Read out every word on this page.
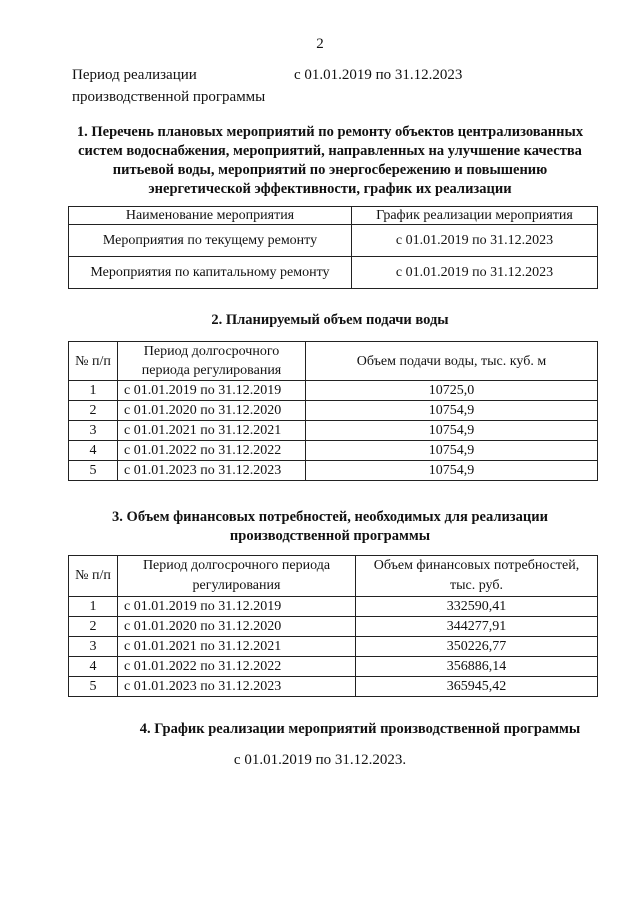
2
Период реализации производственной программы
с 01.01.2019 по 31.12.2023
1. Перечень плановых мероприятий по ремонту объектов централизованных систем водоснабжения, мероприятий, направленных на улучшение качества питьевой воды, мероприятий по энергосбережению и повышению энергетической эффективности, график их реализации
Наименование мероприятия	График реализации мероприятия
Мероприятия по текущему ремонту	с 01.01.2019 по 31.12.2023
Мероприятия по капитальному ремонту	с 01.01.2019 по 31.12.2023
2. Планируемый объем подачи воды
№ п/п	Период долгосрочного периода регулирования	Объем подачи воды, тыс. куб. м
1	с 01.01.2019 по 31.12.2019	10725,0
2	с 01.01.2020 по 31.12.2020	10754,9
3	с 01.01.2021 по 31.12.2021	10754,9
4	с 01.01.2022 по 31.12.2022	10754,9
5	с 01.01.2023 по 31.12.2023	10754,9
3. Объем финансовых потребностей, необходимых для реализации производственной программы
№ п/п	Период долгосрочного периода регулирования	Объем финансовых потребностей, тыс. руб.
1	с 01.01.2019 по 31.12.2019	332590,41
2	с 01.01.2020 по 31.12.2020	344277,91
3	с 01.01.2021 по 31.12.2021	350226,77
4	с 01.01.2022 по 31.12.2022	356886,14
5	с 01.01.2023 по 31.12.2023	365945,42
4. График реализации мероприятий производственной программы
с 01.01.2019 по 31.12.2023.
